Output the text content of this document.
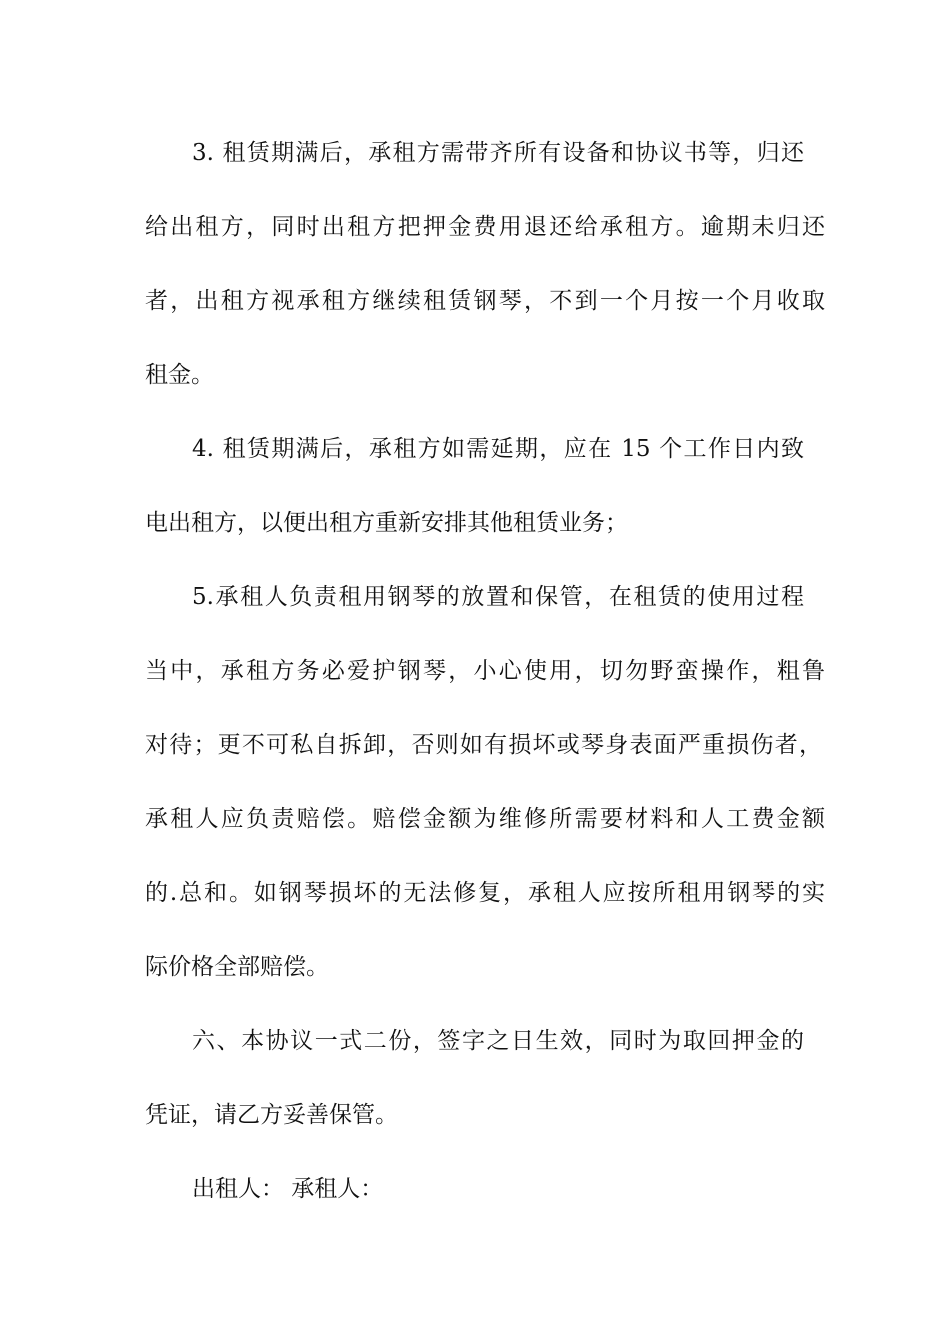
3. 租赁期满后，承租方需带齐所有设备和协议书等，归还
给出租方，同时出租方把押金费用退还给承租方。逾期未归还
者，出租方视承租方继续租赁钢琴，不到一个月按一个月收取
租金。
4. 租赁期满后，承租方如需延期，应在 15 个工作日内致
电出租方，以便出租方重新安排其他租赁业务；
5.承租人负责租用钢琴的放置和保管，在租赁的使用过程
当中，承租方务必爱护钢琴，小心使用，切勿野蛮操作，粗鲁
对待；更不可私自拆卸，否则如有损坏或琴身表面严重损伤者，
承租人应负责赔偿。赔偿金额为维修所需要材料和人工费金额
的.总和。如钢琴损坏的无法修复，承租人应按所租用钢琴的实
际价格全部赔偿。
六、本协议一式二份，签字之日生效，同时为取回押金的
凭证，请乙方妥善保管。
出租人： 承租人：
